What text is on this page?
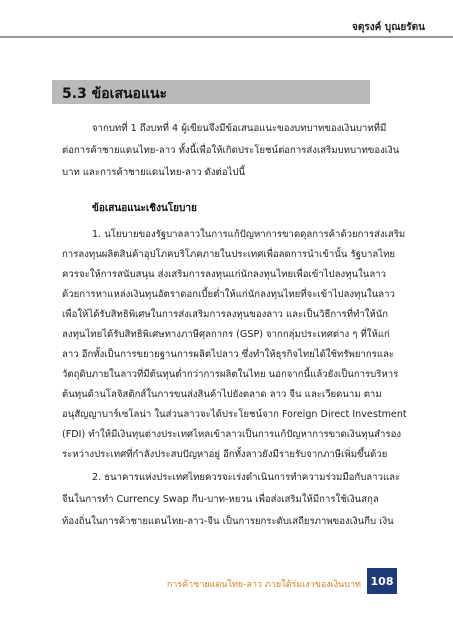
จตุรงค์ บุณยรัตน
5.3 ข้อเสนอแนะ
จากบทที่ 1 ถึงบทที่ 4 ผู้เขียนจึงมีข้อเสนอแนะของบทบาทของเงินบาทที่มี
ต่อการค้าชายแดนไทย-ลาว ทั้งนี้เพื่อให้เกิดประโยชน์ต่อการส่งเสริมบทบาทของเงิน
บาท และการค้าชายแดนไทย-ลาว ดังต่อไปนี้
ข้อเสนอแนะเชิงนโยบาย
1. นโยบายของรัฐบาลลาวในการแก้ปัญหาการขาดดุลการค้าด้วยการส่งเสริม
การลงทุนผลิตสินค้าอุปโภคบริโภคภายในประเทศเพื่อลดการนำเข้านั้น รัฐบาลไทย
ควรจะให้การสนับสนุน ส่งเสริมการลงทุนแก่นักลงทุนไทยเพื่อเข้าไปลงทุนในลาว
ด้วยการหาแหล่งเงินทุนอัตราดอกเบี้ยต่ำให้แก่นักลงทุนไทยที่จะเข้าไปลงทุนในลาว
เพื่อให้ได้รับสิทธิพิเศษในการส่งเสริมการลงทุนของลาว และเป็นวิธีการที่ทำให้นัก
ลงทุนไทยได้รับสิทธิพิเศษทางภาษีศุลกากร (GSP) จากกลุ่มประเทศต่าง ๆ ที่ให้แก่
ลาว อีกทั้งเป็นการขยายฐานการผลิตไปลาว ซึ่งทำให้ธุรกิจไทยได้ใช้ทรัพยากรและ
วัตถุดิบภายในลาวที่มีต้นทุนต่ำกว่าการผลิตในไทย นอกจากนี้แล้วยังเป็นการบริหาร
ต้นทุนด้านโลจิสติกส์ในการขนส่งสินค้าไปยังตลาด ลาว จีน และเวียดนาม ตาม
อนุสัญญาบาร์เซโลน่า ในส่วนลาวจะได้ประโยชน์จาก Foreign Direct Investment
(FDI) ทำให้มีเงินทุนต่างประเทศไหลเข้าลาวเป็นการแก้ปัญหาการขาดเงินทุนสำรอง
ระหว่างประเทศที่กำลังประสบปัญหาอยู่ อีกทั้งลาวยังมีรายรับจากภาษีเพิ่มขึ้นด้วย
2. ธนาคารแห่งประเทศไทยควรจะเร่งดำเนินการทำความร่วมมือกับลาวและ
จีนในการทำ Currency Swap กีบ-บาท-หยวน เพื่อส่งเสริมให้มีการใช้เงินสกุล
ท้องถิ่นในการค้าชายแดนไทย-ลาว-จีน เป็นการยกระดับเสถียรภาพของเงินกีบ เงิน
การค้าชายแดนไทย-ลาว ภายใต้ร่มเงาของเงินบาท 108
